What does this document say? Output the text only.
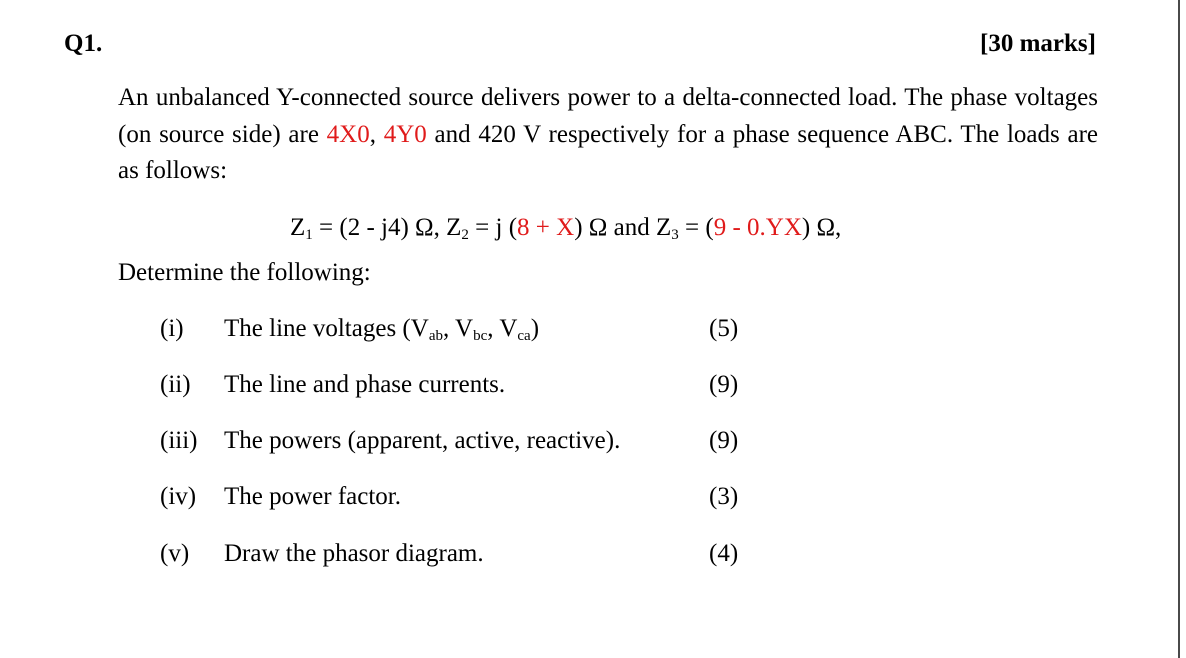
Q1.	[30 marks]
An unbalanced Y-connected source delivers power to a delta-connected load. The phase voltages (on source side) are 4X0, 4Y0 and 420 V respectively for a phase sequence ABC. The loads are as follows:
$Z_1 = (2 - j4)$ Ω, $Z_2 = j$ (8 + X) Ω and $Z_3 = (9 - 0.YX)$ Ω,
Determine the following:
(i) The line voltages ($V_{ab}$, $V_{bc}$, $V_{ca}$)	(5)
(ii) The line and phase currents.	(9)
(iii) The powers (apparent, active, reactive).	(9)
(iv) The power factor.	(3)
(v) Draw the phasor diagram.	(4)
